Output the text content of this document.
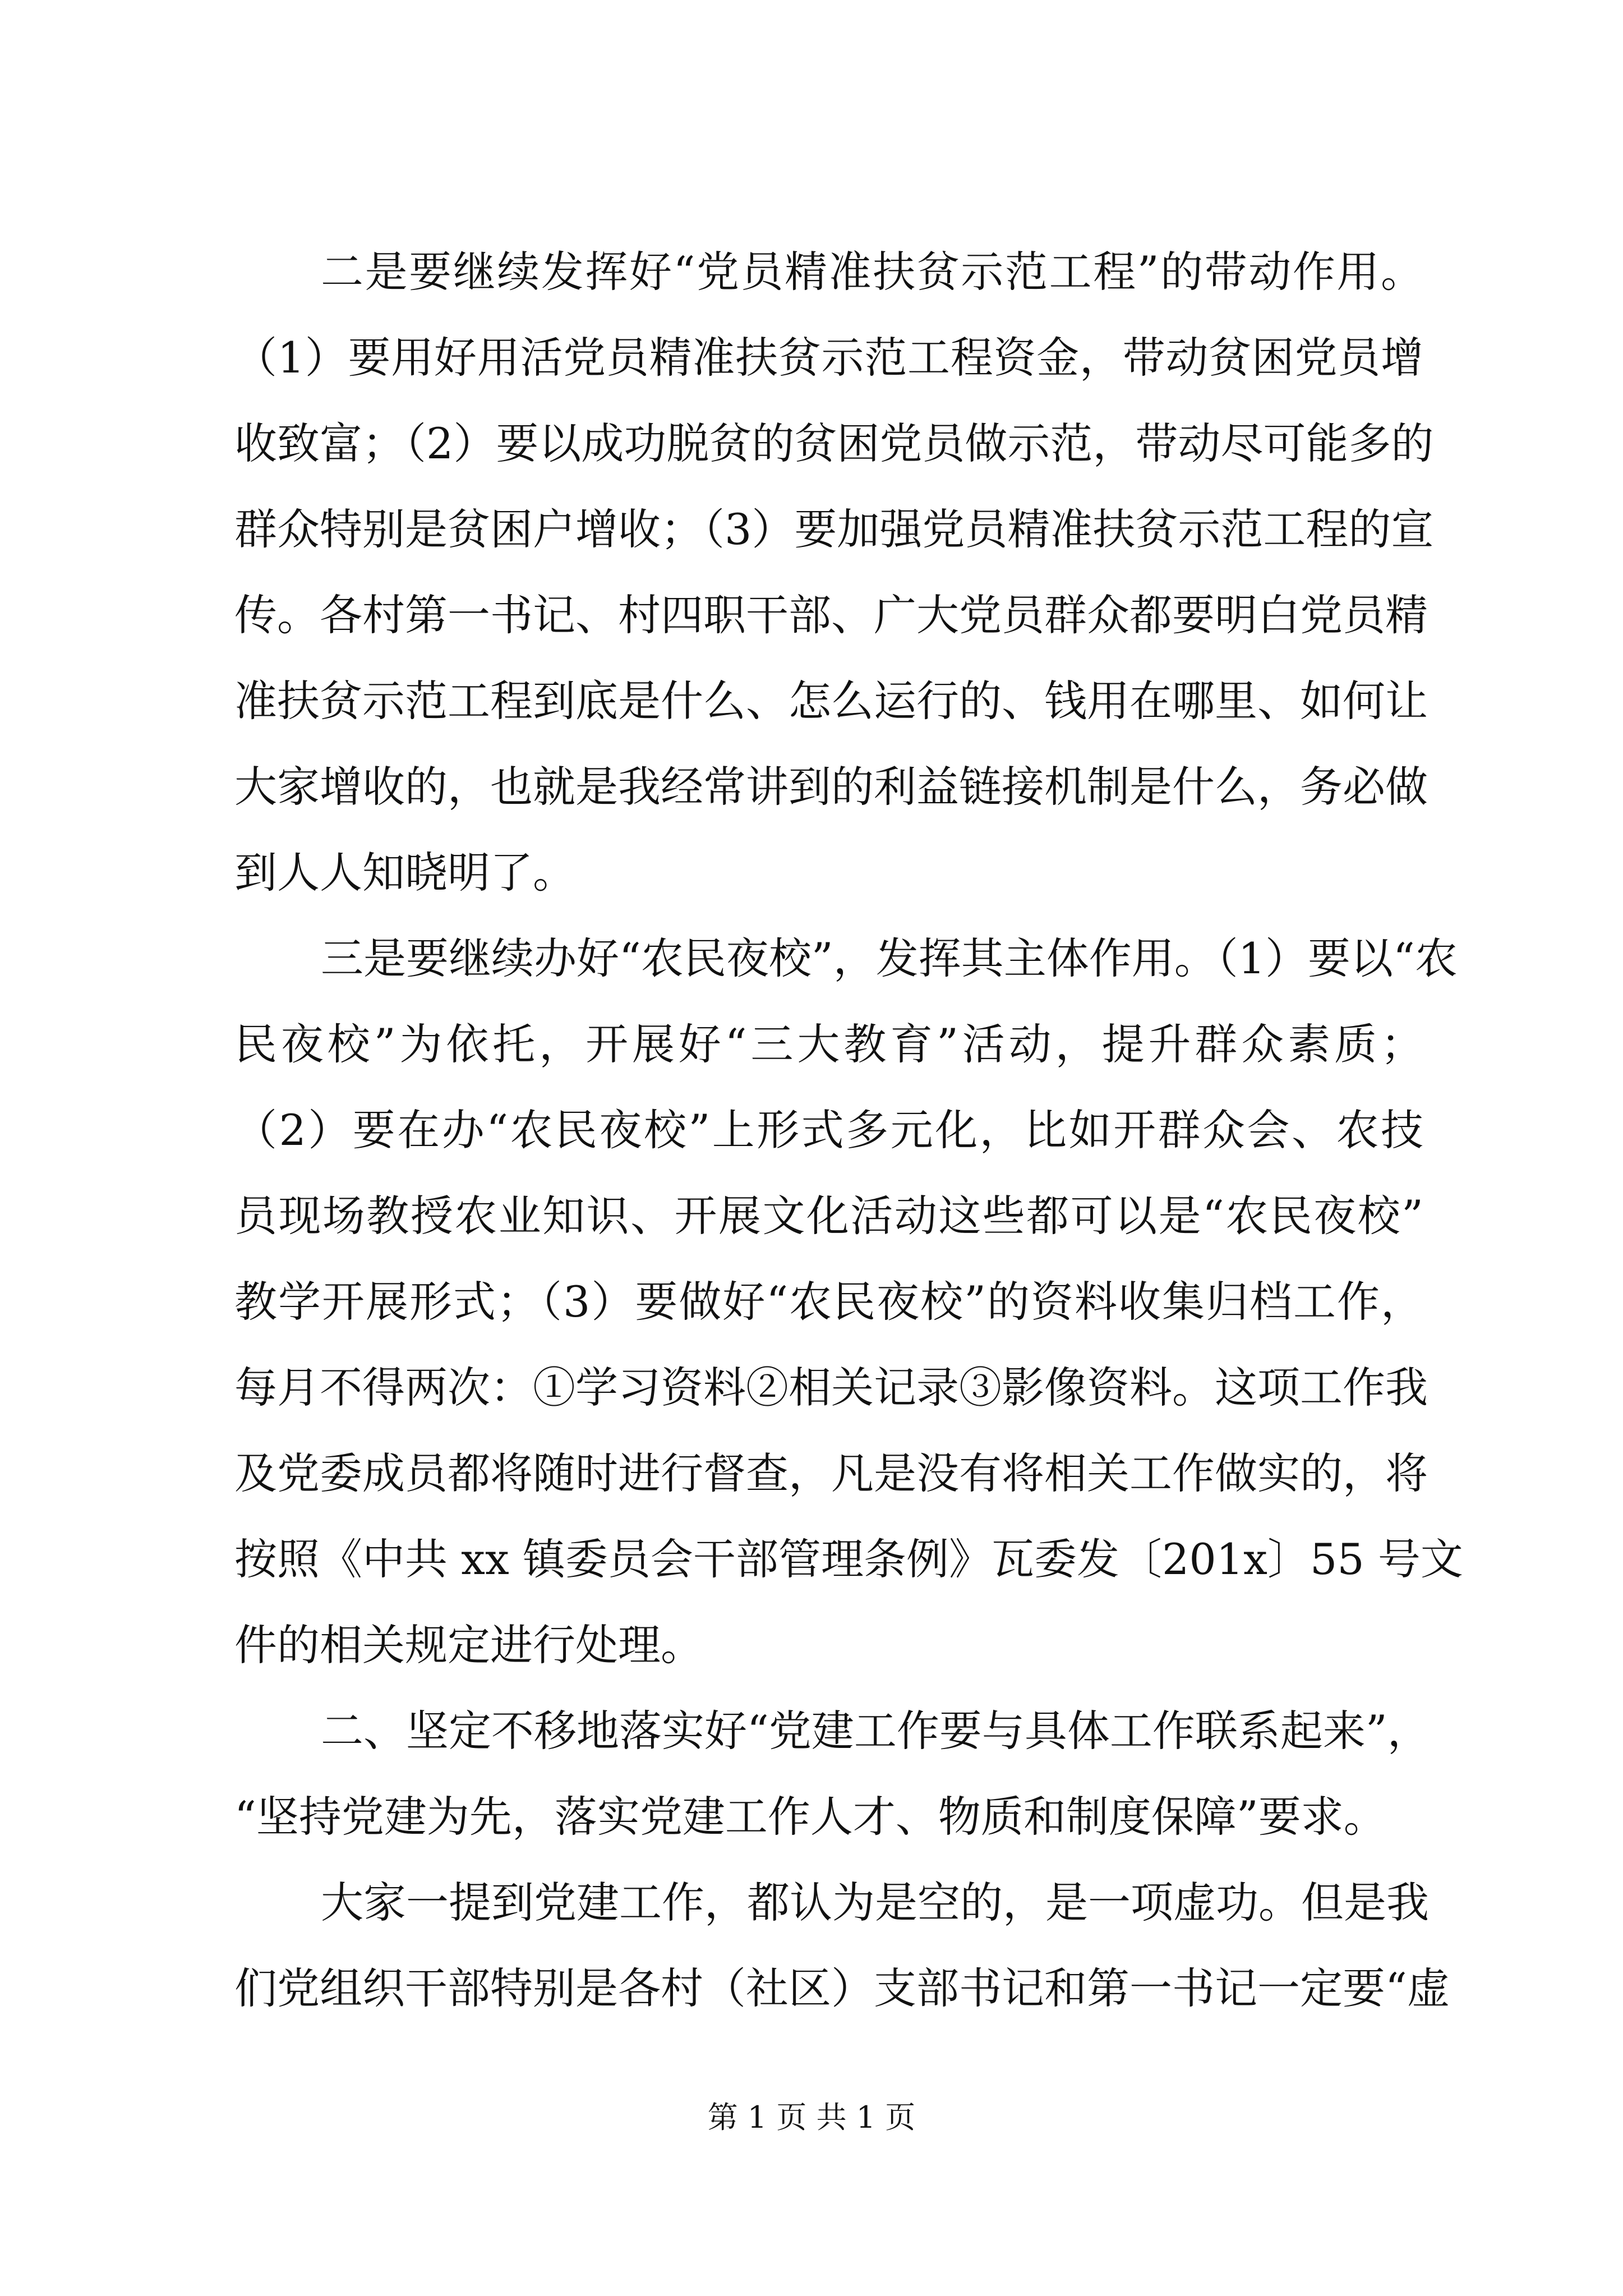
二是要继续发挥好“党员精准扶贫示范工程”的带动作用。
（1）要用好用活党员精准扶贫示范工程资金，带动贫困党员增
收致富；（2）要以成功脱贫的贫困党员做示范，带动尽可能多的
群众特别是贫困户增收；（3）要加强党员精准扶贫示范工程的宣
传。各村第一书记、村四职干部、广大党员群众都要明白党员精
准扶贫示范工程到底是什么、怎么运行的、钱用在哪里、如何让
大家增收的，也就是我经常讲到的利益链接机制是什么，务必做
到人人知晓明了。
三是要继续办好“农民夜校”，发挥其主体作用。（1）要以“农
民夜校”为依托，开展好“三大教育”活动，提升群众素质；
（2）要在办“农民夜校”上形式多元化，比如开群众会、农技
员现场教授农业知识、开展文化活动这些都可以是“农民夜校”
教学开展形式；（3）要做好“农民夜校”的资料收集归档工作，
每月不得两次：①学习资料②相关记录③影像资料。这项工作我
及党委成员都将随时进行督查，凡是没有将相关工作做实的，将
按照《中共 xx 镇委员会干部管理条例》瓦委发〔201x〕55 号文
件的相关规定进行处理。
二、坚定不移地落实好“党建工作要与具体工作联系起来”，
“坚持党建为先，落实党建工作人才、物质和制度保障”要求。
大家一提到党建工作，都认为是空的，是一项虚功。但是我
们党组织干部特别是各村（社区）支部书记和第一书记一定要“虚
第 1 页 共 1 页
